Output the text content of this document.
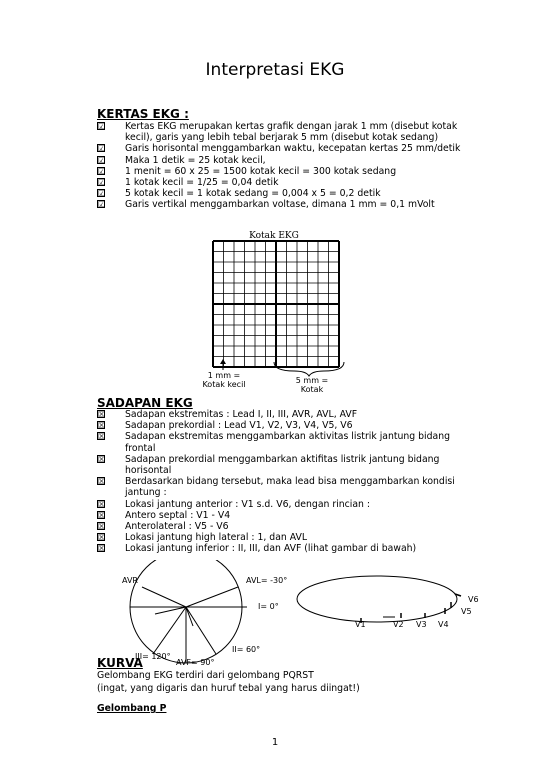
Interpretasi EKG
KERTAS EKG :
☑ Kertas EKG merupakan kertas grafik dengan jarak 1 mm (disebut kotak kecil), garis yang lebih tebal berjarak 5 mm (disebut kotak sedang)
☑ Garis horisontal menggambarkan waktu, kecepatan kertas 25 mm/detik
☑ Maka 1 detik = 25 kotak kecil,
☑ 1 menit = 60 x 25 = 1500 kotak kecil = 300 kotak sedang
☑ 1 kotak kecil = 1/25 = 0,04 detik
☑ 5 kotak kecil = 1 kotak sedang = 0,004 x 5 = 0,2 detik
☑ Garis vertikal menggambarkan voltase, dimana 1 mm = 0,1 mVolt
Kotak EKG
1 mm = Kotak kecil	5 mm = Kotak
SADAPAN EKG
☒ Sadapan ekstremitas : Lead I, II, III, AVR, AVL, AVF
☒ Sadapan prekordial : Lead V1, V2, V3, V4, V5, V6
☒ Sadapan ekstremitas menggambarkan aktivitas listrik jantung bidang frontal
☒ Sadapan prekordial menggambarkan aktifitas listrik jantung bidang horisontal
☒ Berdasarkan bidang tersebut, maka lead bisa menggambarkan kondisi jantung :
☒ Lokasi jantung anterior : V1 s.d. V6, dengan rincian :
☒ Antero septal : V1 - V4
☒ Anterolateral : V5 - V6
☒ Lokasi jantung high lateral : 1, dan AVL
☒ Lokasi jantung inferior : II, III, dan AVF (lihat gambar di bawah)
AVR	AVL= -30°
I= 0°
II= 60°
III= 120°
AVF= 90°
V1	V2 V3 V4
V5
V6
KURVA
Gelombang EKG terdiri dari gelombang PQRST
(ingat, yang digaris dan huruf tebal yang harus diingat!)
Gelombang P
1
